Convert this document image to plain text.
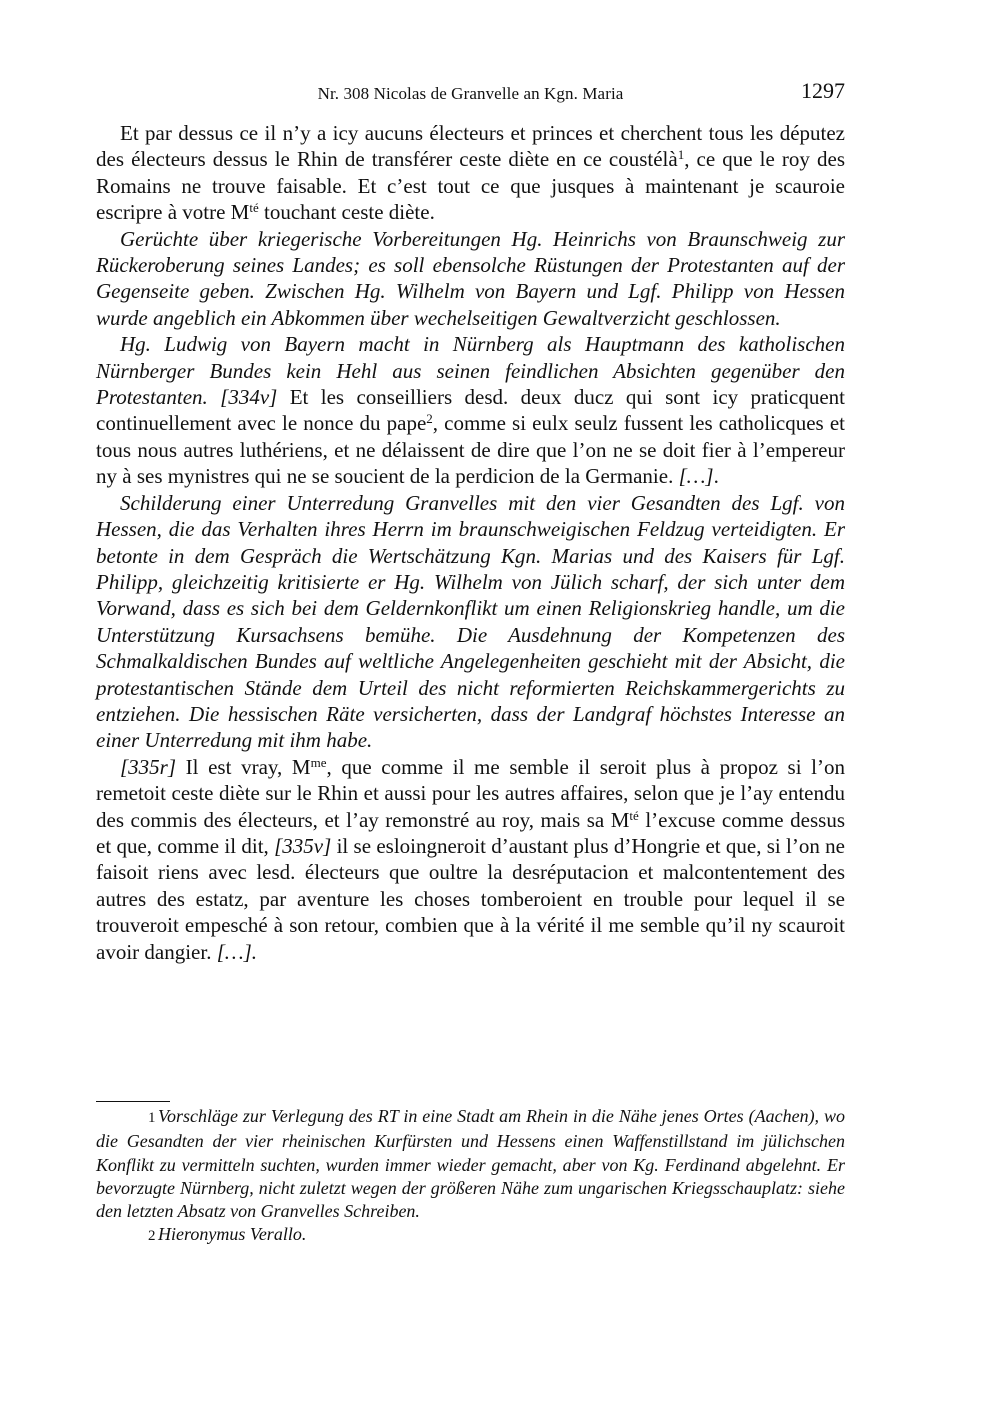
Nr. 308 Nicolas de Granvelle an Kgn. Maria	1297

Et par dessus ce il n’y a icy aucuns électeurs et princes et cherchent tous les députez des électeurs dessus le Rhin de transférer ceste diète en ce coustélà$^1$, ce que le roy des Romains ne trouve faisable. Et c’est tout ce que jusques à maintenant je scauroie escripre à votre $M^{té}$ touchant ceste diète.

Gerüchte über kriegerische Vorbereitungen Hg. Heinrichs von Braunschweig zur Rückeroberung seines Landes; es soll ebensolche Rüstungen der Protestanten auf der Gegenseite geben. Zwischen Hg. Wilhelm von Bayern und Lgf. Philipp von Hessen wurde angeblich ein Abkommen über wechelseitigen Gewaltverzicht geschlossen.

Hg. Ludwig von Bayern macht in Nürnberg als Hauptmann des katholischen Nürnberger Bundes kein Hehl aus seinen feindlichen Absichten gegenüber den Protestanten. [334v] Et les conseilliers desd. deux ducz qui sont icy praticquent continuellement avec le nonce du pape$^2$, comme si eulx seulz fussent les catholicques et tous nous autres luthériens, et ne délaissent de dire que l’on ne se doit fier à l’empereur ny à ses mynistres qui ne se soucient de la perdicion de la Germanie. […].

Schilderung einer Unterredung Granvelles mit den vier Gesandten des Lgf. von Hessen, die das Verhalten ihres Herrn im braunschweigischen Feldzug verteidigten. Er betonte in dem Gespräch die Wertschätzung Kgn. Marias und des Kaisers für Lgf. Philipp, gleichzeitig kritisierte er Hg. Wilhelm von Jülich scharf, der sich unter dem Vorwand, dass es sich bei dem Geldernkonflikt um einen Religionskrieg handle, um die Unterstützung Kursachsens bemühe. Die Ausdehnung der Kompetenzen des Schmalkaldischen Bundes auf weltliche Angelegenheiten geschieht mit der Absicht, die protestantischen Stände dem Urteil des nicht reformierten Reichskammergerichts zu entziehen. Die hessischen Räte versicherten, dass der Landgraf höchstes Interesse an einer Unterredung mit ihm habe.

[335r] Il est vray, $M^{me}$, que comme il me semble il seroit plus à propoz si l’on remetoit ceste diète sur le Rhin et aussi pour les autres affaires, selon que je l’ay entendu des commis des électeurs, et l’ay remonstré au roy, mais sa $M^{té}$ l’excuse comme dessus et que, comme il dit, [335v] il se esloingneroit d’austant plus d’Hongrie et que, si l’on ne faisoit riens avec lesd. électeurs que oultre la desréputacion et malcontentement des autres des estatz, par aventure les choses tomberoient en trouble pour lequel il se trouveroit empesché à son retour, combien que à la vérité il me semble qu’il ny scauroit avoir dangier. […].

1 Vorschläge zur Verlegung des RT in eine Stadt am Rhein in die Nähe jenes Ortes (Aachen), wo die Gesandten der vier rheinischen Kurfürsten und Hessens einen Waffenstillstand im jülichschen Konflikt zu vermitteln suchten, wurden immer wieder gemacht, aber von Kg. Ferdinand abgelehnt. Er bevorzugte Nürnberg, nicht zuletzt wegen der größeren Nähe zum ungarischen Kriegsschauplatz: siehe den letzten Absatz von Granvelles Schreiben.

2 Hieronymus Verallo.
